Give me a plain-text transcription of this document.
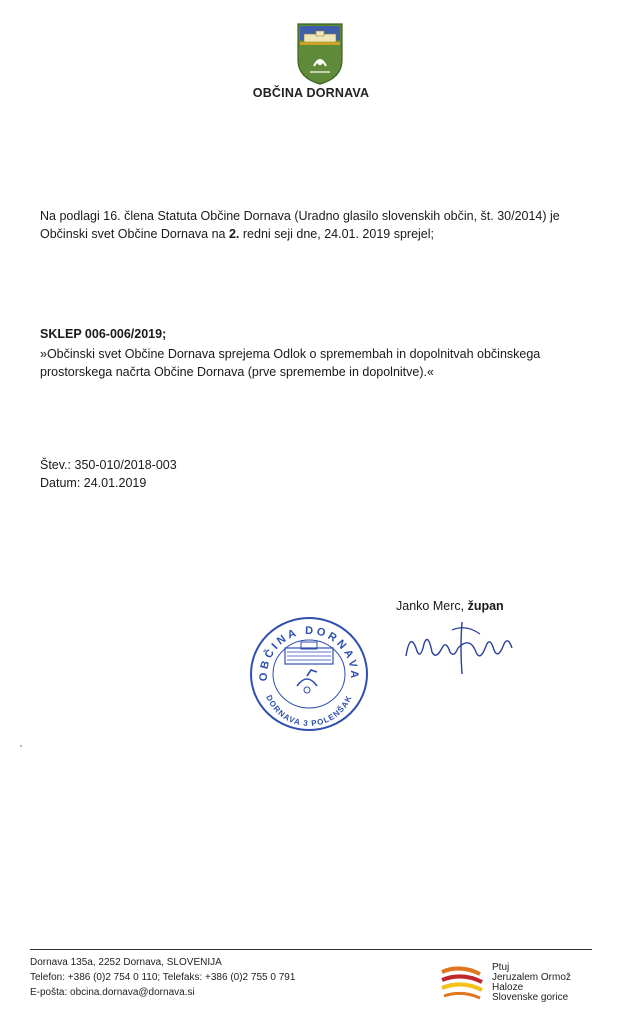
OBČINA DORNAVA
Na podlagi 16. člena Statuta Občine Dornava (Uradno glasilo slovenskih občin, št. 30/2014) je Občinski svet Občine Dornava na 2. redni seji dne, 24.01. 2019 sprejel;
SKLEP 006-006/2019;
»Občinski svet Občine Dornava sprejema Odlok o spremembah in dopolnitvah občinskega prostorskega načrta Občine Dornava (prve spremembe in dopolnitve).«
Štev.: 350-010/2018-003
Datum: 24.01.2019
Janko Merc, župan
OBČINA DORNAVA
DORNAVA 3 POLENŠAK
Dornava 135a, 2252 Dornava, SLOVENIJA
Telefon: +386 (0)2 754 0 110; Telefaks: +386 (0)2 755 0 791
E-pošta: obcina.dornava@dornava.si
Ptuj
Jeruzalem Ormož
Haloze
Slovenske gorice
